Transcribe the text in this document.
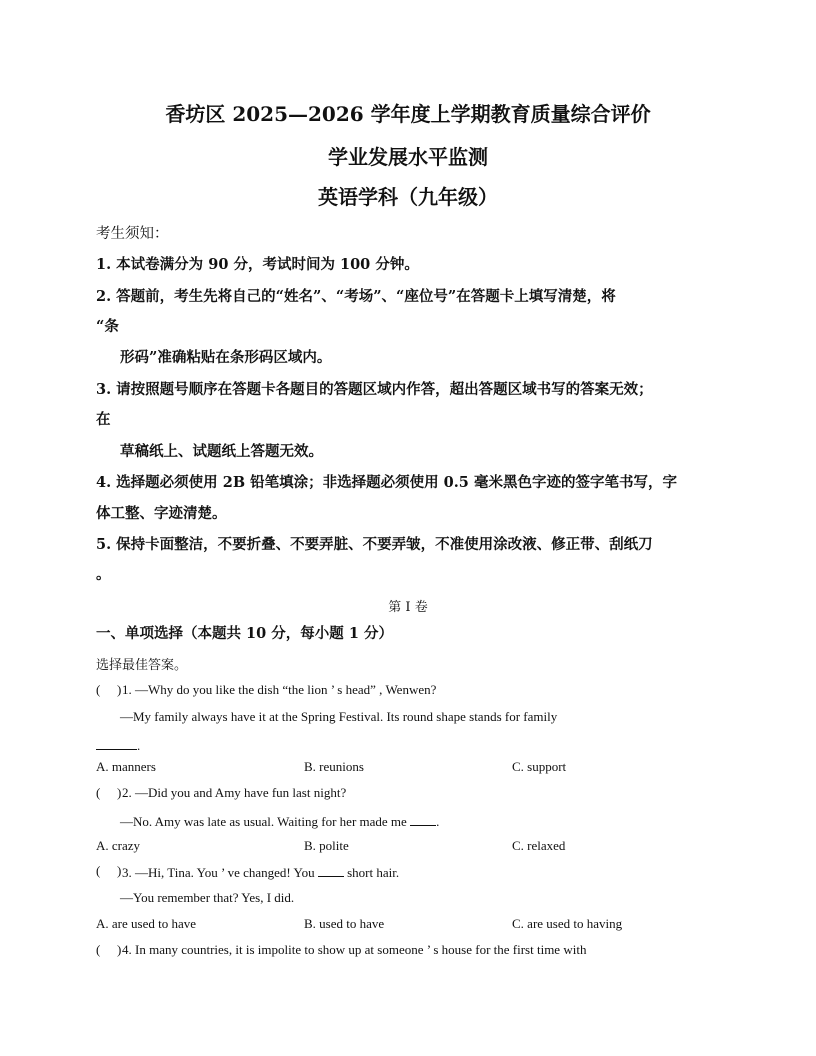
香坊区 2025—2026 学年度上学期教育质量综合评价
学业发展水平监测
英语学科（九年级）
考生须知：
1. 本试卷满分为 90 分，考试时间为 100 分钟。
2. 答题前，考生先将自己的“姓名”、“考场”、“座位号”在答题卡上填写清楚，将
“条
形码”准确粘贴在条形码区域内。
3. 请按照题号顺序在答题卡各题目的答题区域内作答，超出答题区域书写的答案无效；
在
草稿纸上、试题纸上答题无效。
4. 选择题必须使用 2B 铅笔填涂；非选择题必须使用 0.5 毫米黑色字迹的签字笔书写，字
体工整、字迹清楚。
5. 保持卡面整洁，不要折叠、不要弄脏、不要弄皱，不准使用涂改液、修正带、刮纸刀
。
第 Ⅰ 卷
一、单项选择（本题共 10 分，每小题 1 分）
选择最佳答案。
( ) 1. —Why do you like the dish “the lion ’ s head” , Wenwen?
—My family always have it at the Spring Festival. Its round shape stands for family
.
A. manners	B. reunions	C. support
( ) 2. —Did you and Amy have fun last night?
—No. Amy was late as usual. Waiting for her made me .
A. crazy	B. polite	C. relaxed
( ) 3. —Hi, Tina. You ’ ve changed! You	short hair.
—You remember that? Yes, I did.
A. are used to have	B. used to have	C. are used to having
( ) 4. In many countries, it is impolite to show up at someone ’ s house for the first time with
